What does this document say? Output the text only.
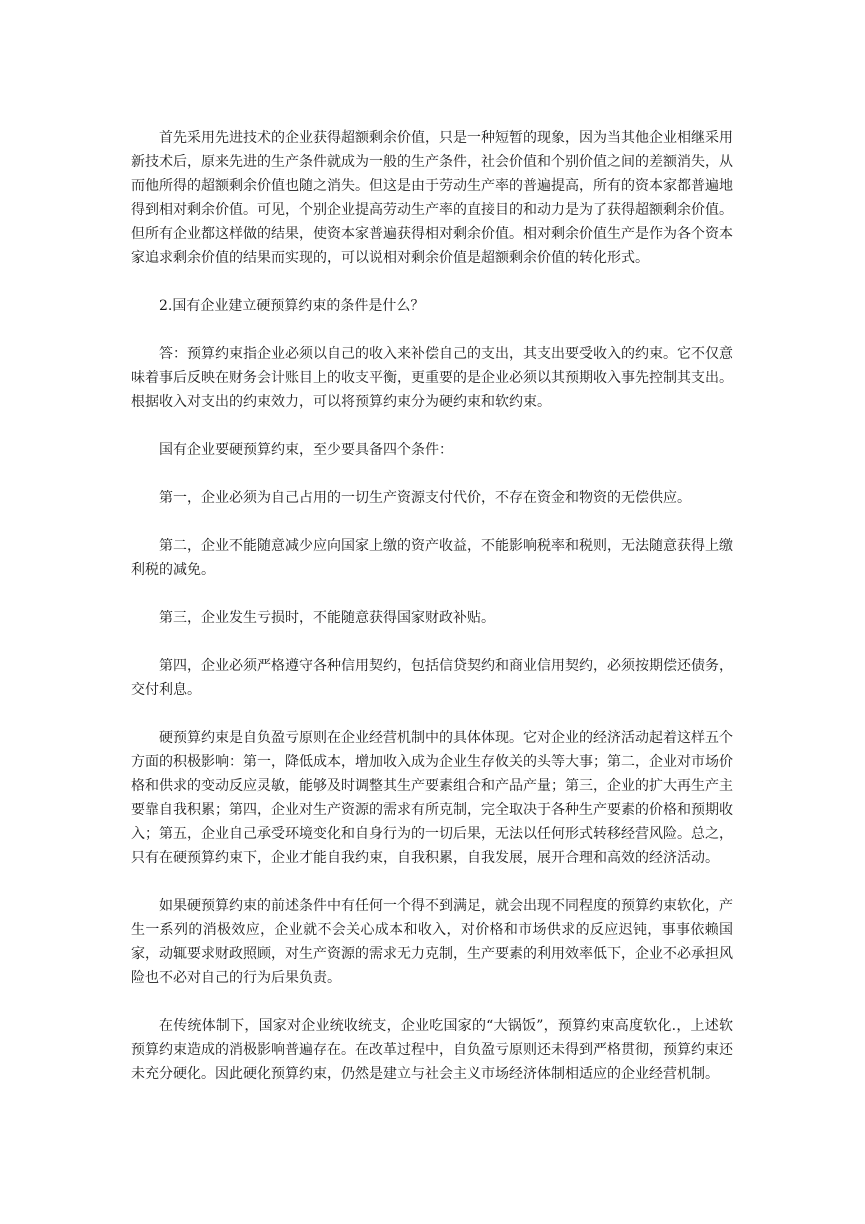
首先采用先进技术的企业获得超额剩余价值，只是一种短暂的现象，因为当其他企业相继采用新技术后，原来先进的生产条件就成为一般的生产条件，社会价值和个别价值之间的差额消失，从而他所得的超额剩余价值也随之消失。但这是由于劳动生产率的普遍提高，所有的资本家都普遍地得到相对剩余价值。可见，个别企业提高劳动生产率的直接目的和动力是为了获得超额剩余价值。但所有企业都这样做的结果，使资本家普遍获得相对剩余价值。相对剩余价值生产是作为各个资本家追求剩余价值的结果而实现的，可以说相对剩余价值是超额剩余价值的转化形式。

2.国有企业建立硬预算约束的条件是什么？

答：预算约束指企业必须以自己的收入来补偿自己的支出，其支出要受收入的约束。它不仅意味着事后反映在财务会计账目上的收支平衡，更重要的是企业必须以其预期收入事先控制其支出。根据收入对支出的约束效力，可以将预算约束分为硬约束和软约束。

国有企业要硬预算约束，至少要具备四个条件：

第一，企业必须为自己占用的一切生产资源支付代价，不存在资金和物资的无偿供应。

第二，企业不能随意减少应向国家上缴的资产收益，不能影响税率和税则，无法随意获得上缴利税的减免。

第三，企业发生亏损时，不能随意获得国家财政补贴。

第四，企业必须严格遵守各种信用契约，包括信贷契约和商业信用契约，必须按期偿还债务，交付利息。

硬预算约束是自负盈亏原则在企业经营机制中的具体体现。它对企业的经济活动起着这样五个方面的积极影响：第一，降低成本，增加收入成为企业生存攸关的头等大事；第二，企业对市场价格和供求的变动反应灵敏，能够及时调整其生产要素组合和产品产量；第三，企业的扩大再生产主要靠自我积累；第四，企业对生产资源的需求有所克制，完全取决于各种生产要素的价格和预期收入；第五，企业自己承受环境变化和自身行为的一切后果，无法以任何形式转移经营风险。总之，只有在硬预算约束下，企业才能自我约束，自我积累，自我发展，展开合理和高效的经济活动。

如果硬预算约束的前述条件中有任何一个得不到满足，就会出现不同程度的预算约束软化，产生一系列的消极效应，企业就不会关心成本和收入，对价格和市场供求的反应迟钝，事事依赖国家，动辄要求财政照顾，对生产资源的需求无力克制，生产要素的利用效率低下，企业不必承担风险也不必对自己的行为后果负责。

在传统体制下，国家对企业统收统支，企业吃国家的“大锅饭”，预算约束高度软化.，上述软预算约束造成的消极影响普遍存在。在改革过程中，自负盈亏原则还未得到严格贯彻，预算约束还未充分硬化。因此硬化预算约束，仍然是建立与社会主义市场经济体制相适应的企业经营机制。
